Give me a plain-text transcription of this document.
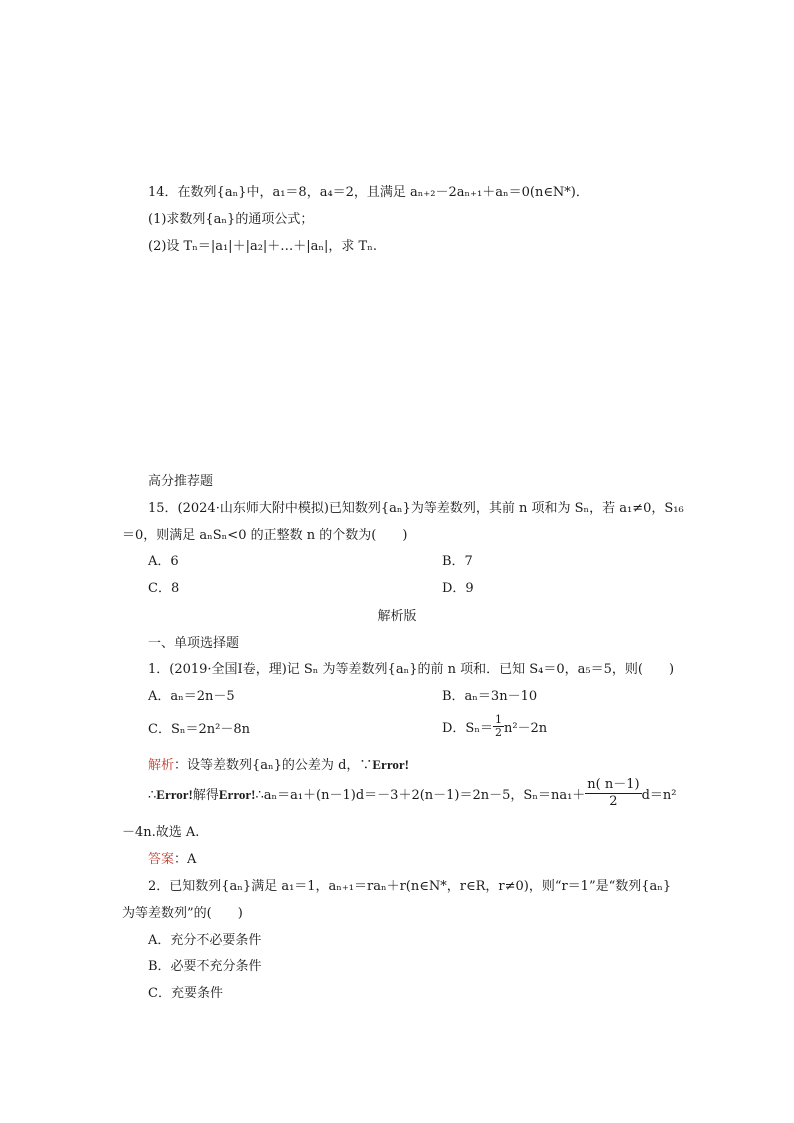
14．在数列{aₙ}中，a₁＝8，a₄＝2，且满足 aₙ₊₂－2aₙ₊₁＋aₙ＝0(n∈N*)．
(1)求数列{aₙ}的通项公式；
(2)设 Tₙ＝|a₁|＋|a₂|＋…＋|aₙ|，求 Tₙ.
高分推荐题
15．(2024·山东师大附中模拟)已知数列{aₙ}为等差数列，其前 n 项和为 Sₙ，若 a₁≠0，S₁₆
＝0，则满足 aₙSₙ<0 的正整数 n 的个数为(　　)
A．6	B．7
C．8	D．9
解析版
一、单项选择题
1．(2019·全国Ⅰ卷，理)记 Sₙ 为等差数列{aₙ}的前 n 项和．已知 S₄＝0，a₅＝5，则(　　)
A．aₙ＝2n－5	B．aₙ＝3n－10
C．Sₙ＝2n²－8n	D．$S_n= \frac{1}{2} n^2-2n$
解析：设等差数列{aₙ}的公差为 d，∵Error!
∴Error!解得Error!∴aₙ＝a₁＋(n－1)d＝－3＋2(n－1)＝2n－5，$S_n=na_1+ \frac{n( n-1)}{2} d=n^2$
－4n.故选 A.
答案：A
2．已知数列{aₙ}满足 a₁＝1，aₙ₊₁＝raₙ＋r(n∈N*，r∈R，r≠0)，则“r＝1”是“数列{aₙ}
为等差数列”的(　　)
A．充分不必要条件
B．必要不充分条件
C．充要条件
